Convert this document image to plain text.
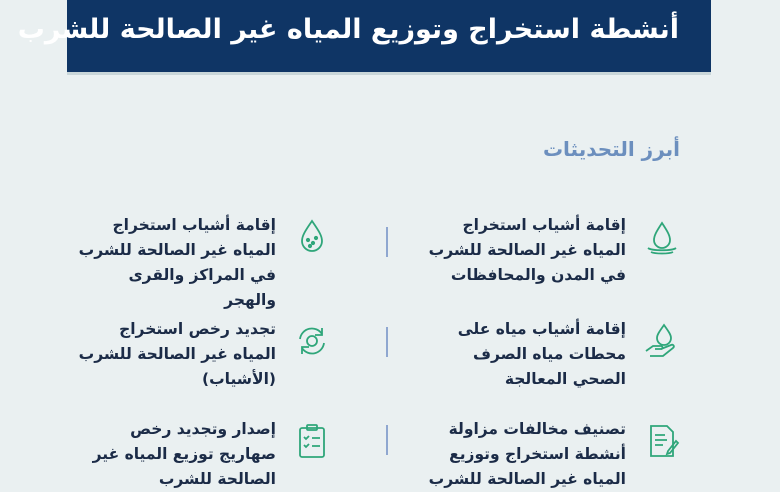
أنشطة استخراج وتوزيع المياه غير الصالحة للشرب
أبرز التحديثات
إقامة أشياب استخراج المياه غير الصالحة للشرب في المدن والمحافظات
إقامة أشياب استخراج المياه غير الصالحة للشرب في المراكز والقرى والهجر
إقامة أشياب مياه على محطات مياه الصرف الصحي المعالجة
تجديد رخص استخراج المياه غير الصالحة للشرب (الأشياب)
تصنيف مخالفات مزاولة أنشطة استخراج وتوزيع المياه غير الصالحة للشرب
إصدار وتجديد رخص صهاريج توزيع المياه غير الصالحة للشرب
